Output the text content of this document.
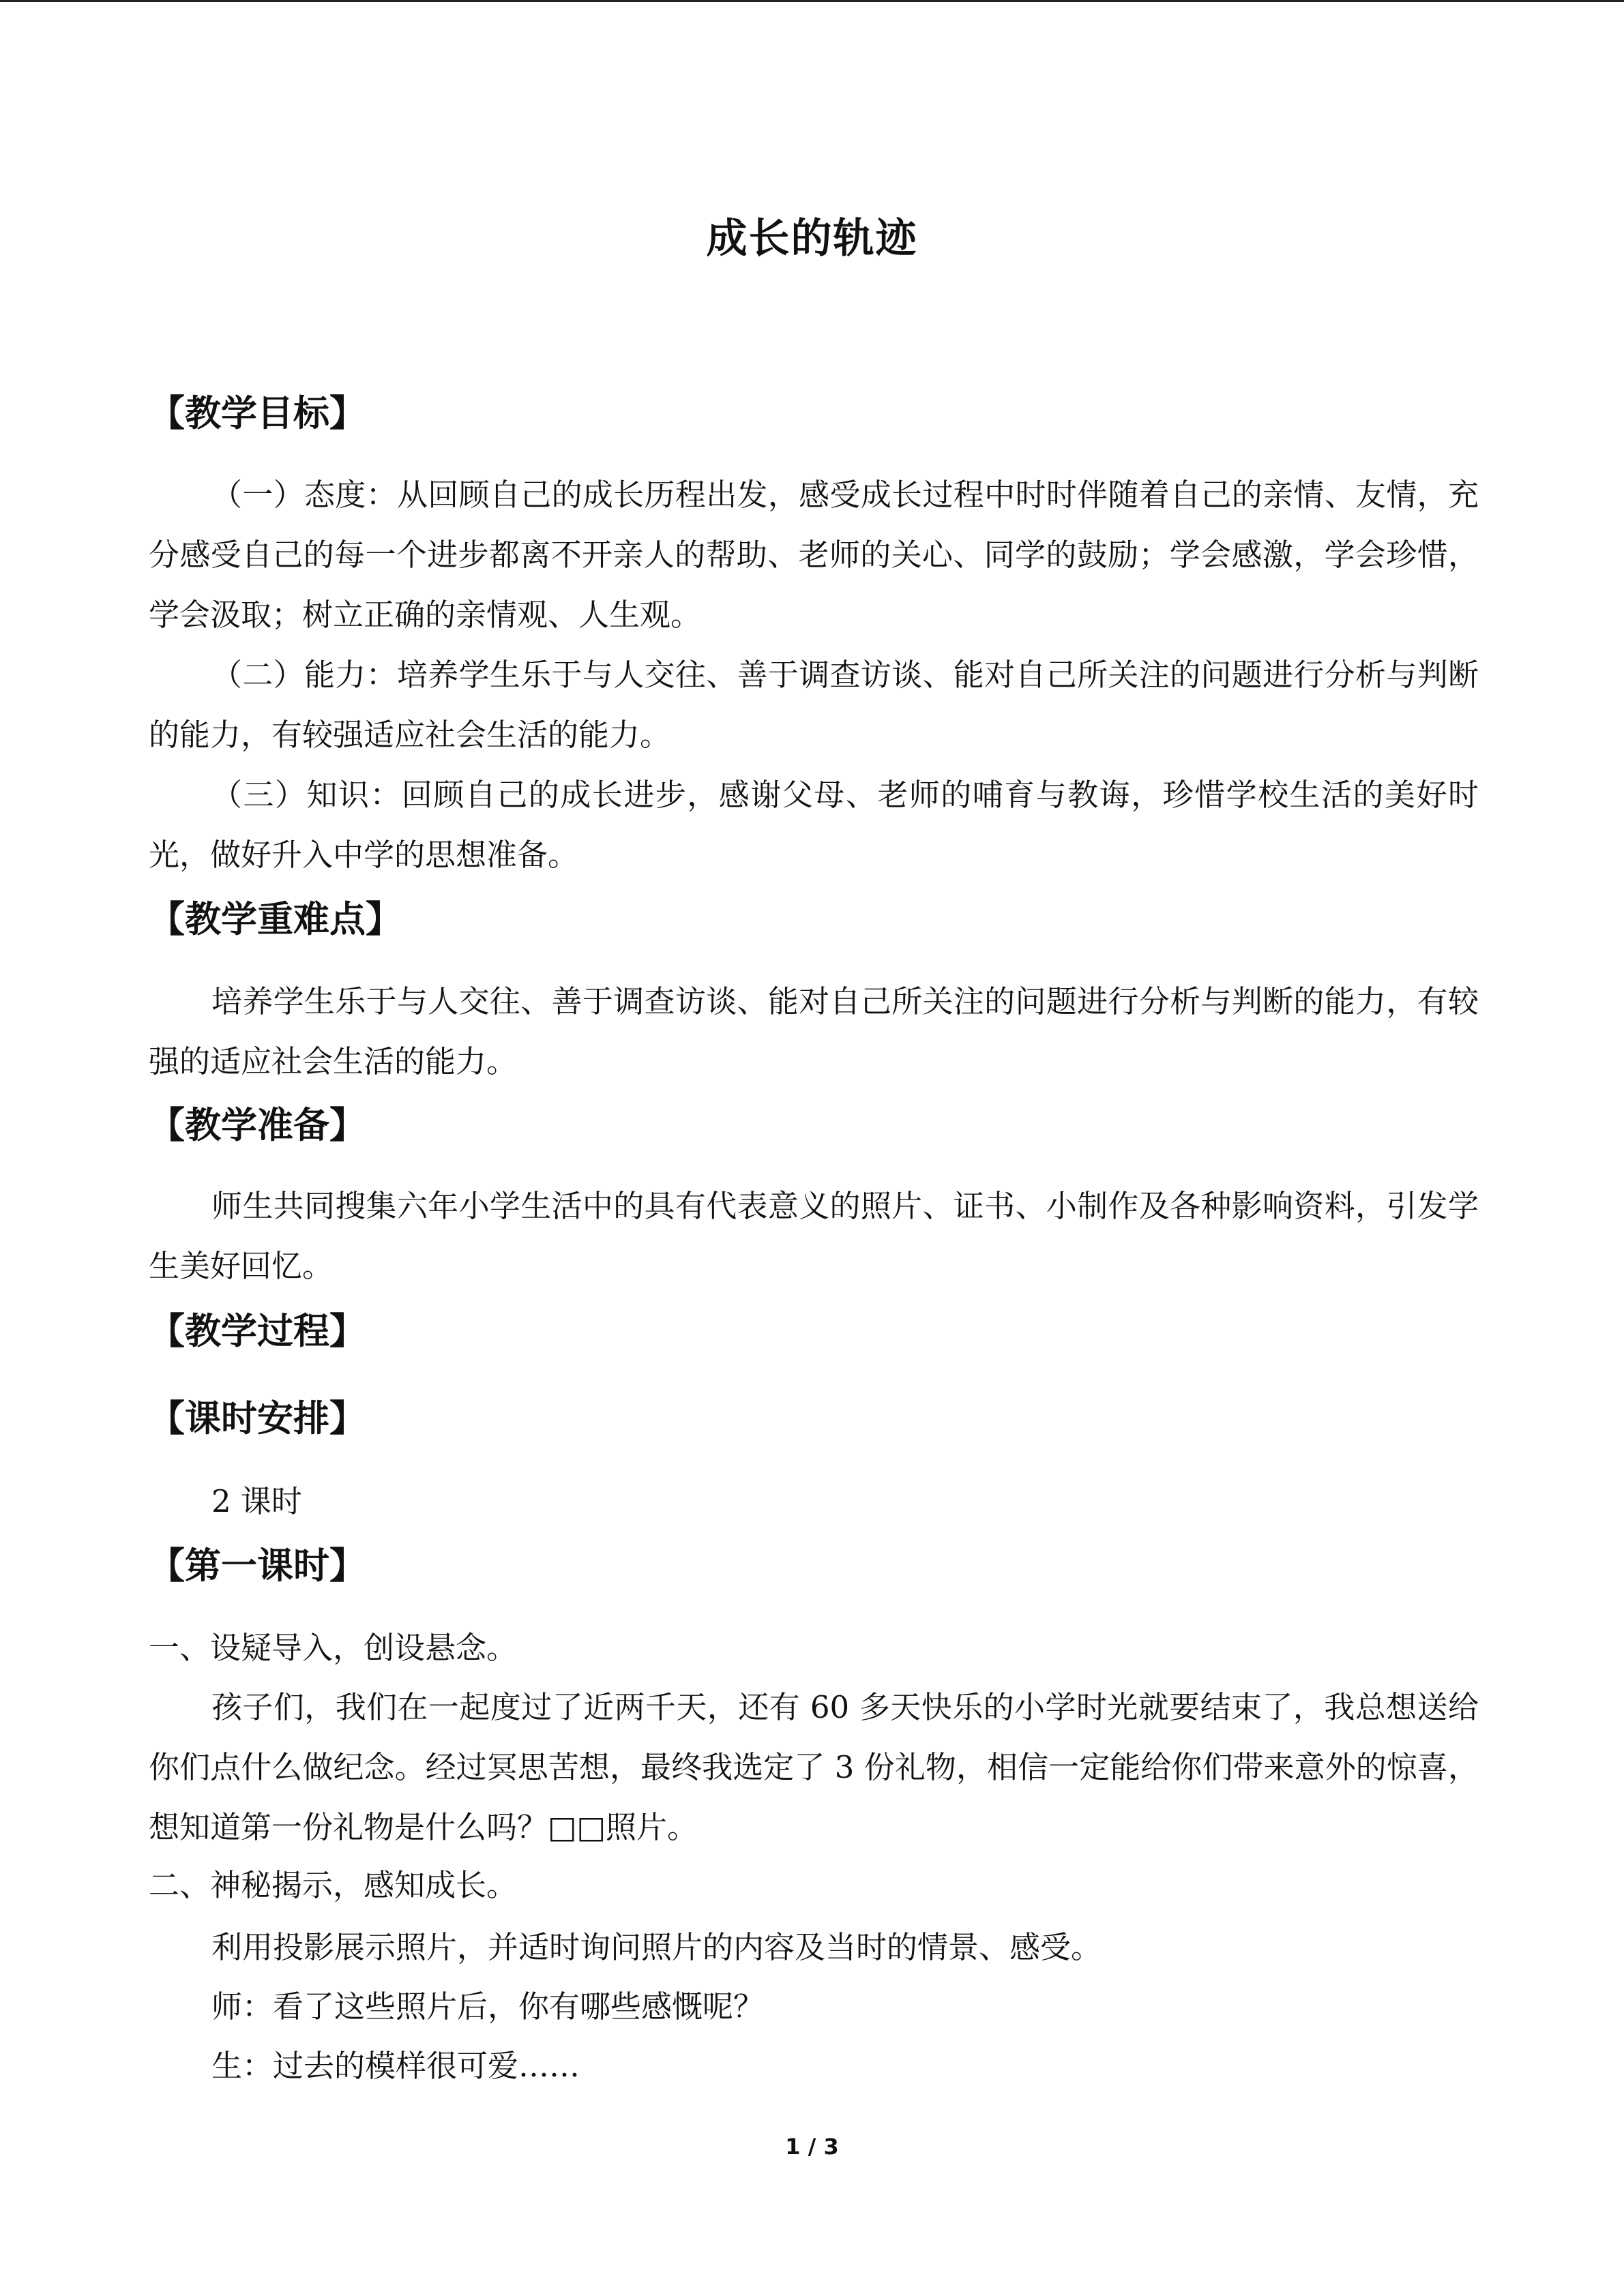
成长的轨迹
【教学目标】
（一）态度：从回顾自己的成长历程出发，感受成长过程中时时伴随着自己的亲情、友情，充分感受自己的每一个进步都离不开亲人的帮助、老师的关心、同学的鼓励；学会感激，学会珍惜，学会汲取；树立正确的亲情观、人生观。
（二）能力：培养学生乐于与人交往、善于调查访谈、能对自己所关注的问题进行分析与判断的能力，有较强适应社会生活的能力。
（三）知识：回顾自己的成长进步，感谢父母、老师的哺育与教诲，珍惜学校生活的美好时光，做好升入中学的思想准备。
【教学重难点】
培养学生乐于与人交往、善于调查访谈、能对自己所关注的问题进行分析与判断的能力，有较强的适应社会生活的能力。
【教学准备】
师生共同搜集六年小学生活中的具有代表意义的照片、证书、小制作及各种影响资料，引发学生美好回忆。
【教学过程】
【课时安排】
2 课时
【第一课时】
一、设疑导入，创设悬念。
孩子们，我们在一起度过了近两千天，还有 60 多天快乐的小学时光就要结束了，我总想送给你们点什么做纪念。经过冥思苦想，最终我选定了 3 份礼物，相信一定能给你们带来意外的惊喜，想知道第一份礼物是什么吗？□□照片。
二、神秘揭示，感知成长。
利用投影展示照片，并适时询问照片的内容及当时的情景、感受。
师：看了这些照片后，你有哪些感慨呢？
生：过去的模样很可爱……
1 / 3
